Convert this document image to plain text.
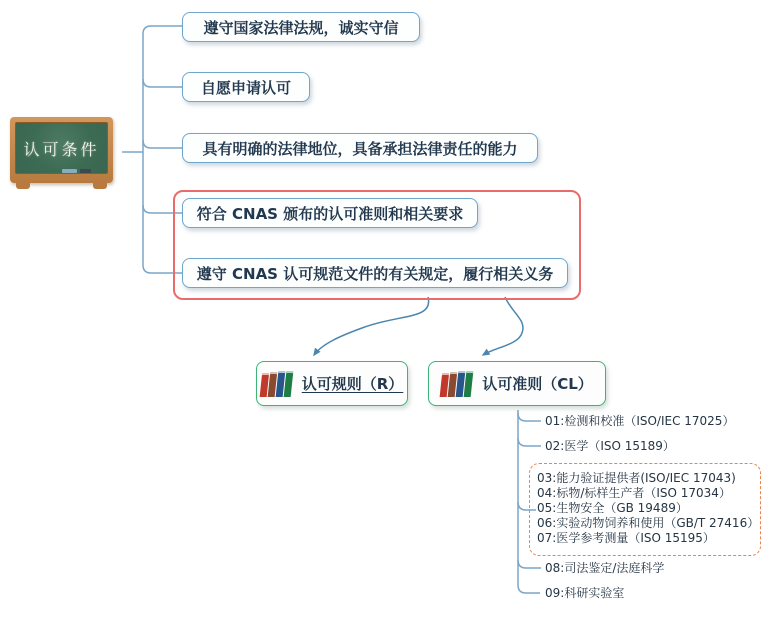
认可条件
遵守国家法律法规，诚实守信
自愿申请认可
具有明确的法律地位，具备承担法律责任的能力
符合 CNAS 颁布的认可准则和相关要求
遵守 CNAS 认可规范文件的有关规定，履行相关义务
认可规则（R）	认可准则（CL）
01:检测和校准（ISO/IEC 17025）
02:医学（ISO 15189）
03:能力验证提供者(ISO/IEC 17043)
04:标物/标样生产者（ISO 17034）
05:生物安全（GB 19489）
06:实验动物饲养和使用（GB/T 27416）
07:医学参考测量（ISO 15195）
08:司法鉴定/法庭科学
09:科研实验室
